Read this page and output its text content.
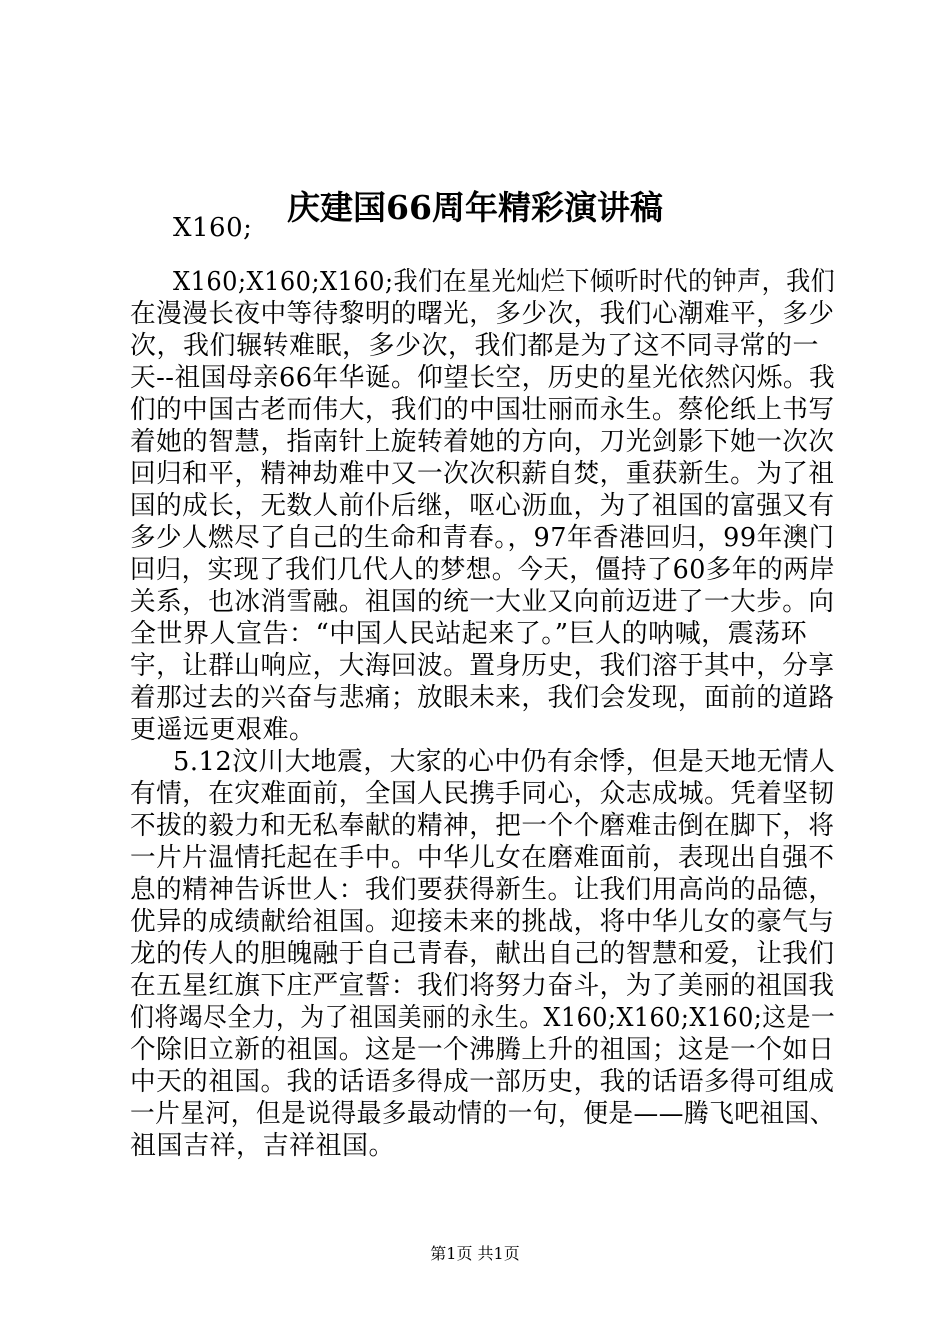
庆建国66周年精彩演讲稿
X160;
X160;X160;X160;我们在星光灿烂下倾听时代的钟声，我们
在漫漫长夜中等待黎明的曙光，多少次，我们心潮难平，多少
次，我们辗转难眠，多少次，我们都是为了这不同寻常的一
天--祖国母亲66年华诞。仰望长空，历史的星光依然闪烁。我
们的中国古老而伟大，我们的中国壮丽而永生。蔡伦纸上书写
着她的智慧，指南针上旋转着她的方向，刀光剑影下她一次次
回归和平，精神劫难中又一次次积薪自焚，重获新生。为了祖
国的成长，无数人前仆后继，呕心沥血，为了祖国的富强又有
多少人燃尽了自己的生命和青春。，97年香港回归，99年澳门
回归，实现了我们几代人的梦想。今天，僵持了60多年的两岸
关系，也冰消雪融。祖国的统一大业又向前迈进了一大步。向
全世界人宣告：“中国人民站起来了。”巨人的呐喊，震荡环
宇，让群山响应，大海回波。置身历史，我们溶于其中，分享
着那过去的兴奋与悲痛；放眼未来，我们会发现，面前的道路
更遥远更艰难。
5.12汶川大地震，大家的心中仍有余悸，但是天地无情人
有情，在灾难面前，全国人民携手同心，众志成城。凭着坚韧
不拔的毅力和无私奉献的精神，把一个个磨难击倒在脚下，将
一片片温情托起在手中。中华儿女在磨难面前，表现出自强不
息的精神告诉世人：我们要获得新生。让我们用高尚的品德，
优异的成绩献给祖国。迎接未来的挑战，将中华儿女的豪气与
龙的传人的胆魄融于自己青春，献出自己的智慧和爱，让我们
在五星红旗下庄严宣誓：我们将努力奋斗，为了美丽的祖国我
们将竭尽全力，为了祖国美丽的永生。X160;X160;X160;这是一
个除旧立新的祖国。这是一个沸腾上升的祖国；这是一个如日
中天的祖国。我的话语多得成一部历史，我的话语多得可组成
一片星河，但是说得最多最动情的一句，便是——腾飞吧祖国、
祖国吉祥，吉祥祖国。
第1页 共1页
